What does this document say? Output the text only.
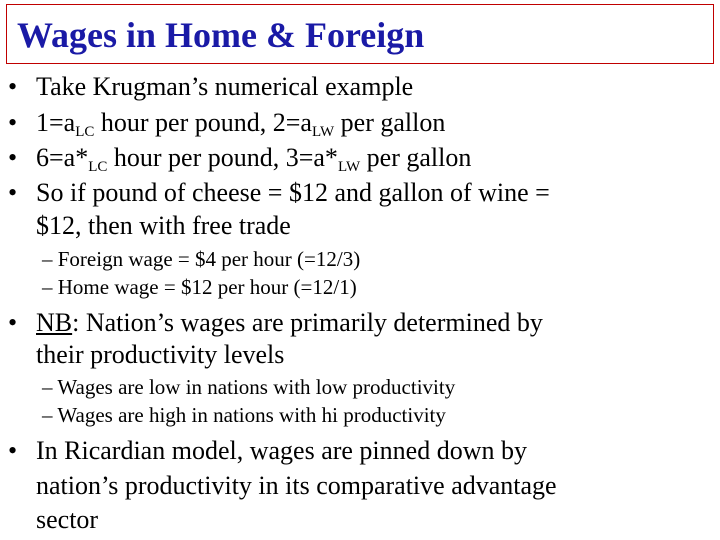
Wages in Home & Foreign
• Take Krugman’s numerical example
• $1=a_{LC}$ hour per pound, $2=a_{LW}$ per gallon
• $6=a*_{LC}$ hour per pound, $3=a*_{LW}$ per gallon
• So if pound of cheese = $12 and gallon of wine =
$12, then with free trade
– Foreign wage = $4 per hour (=12/3)
– Home wage = $12 per hour (=12/1)
• NB: Nation’s wages are primarily determined by
their productivity levels
– Wages are low in nations with low productivity
– Wages are high in nations with hi productivity
• In Ricardian model, wages are pinned down by
nation’s productivity in its comparative advantage
sector
